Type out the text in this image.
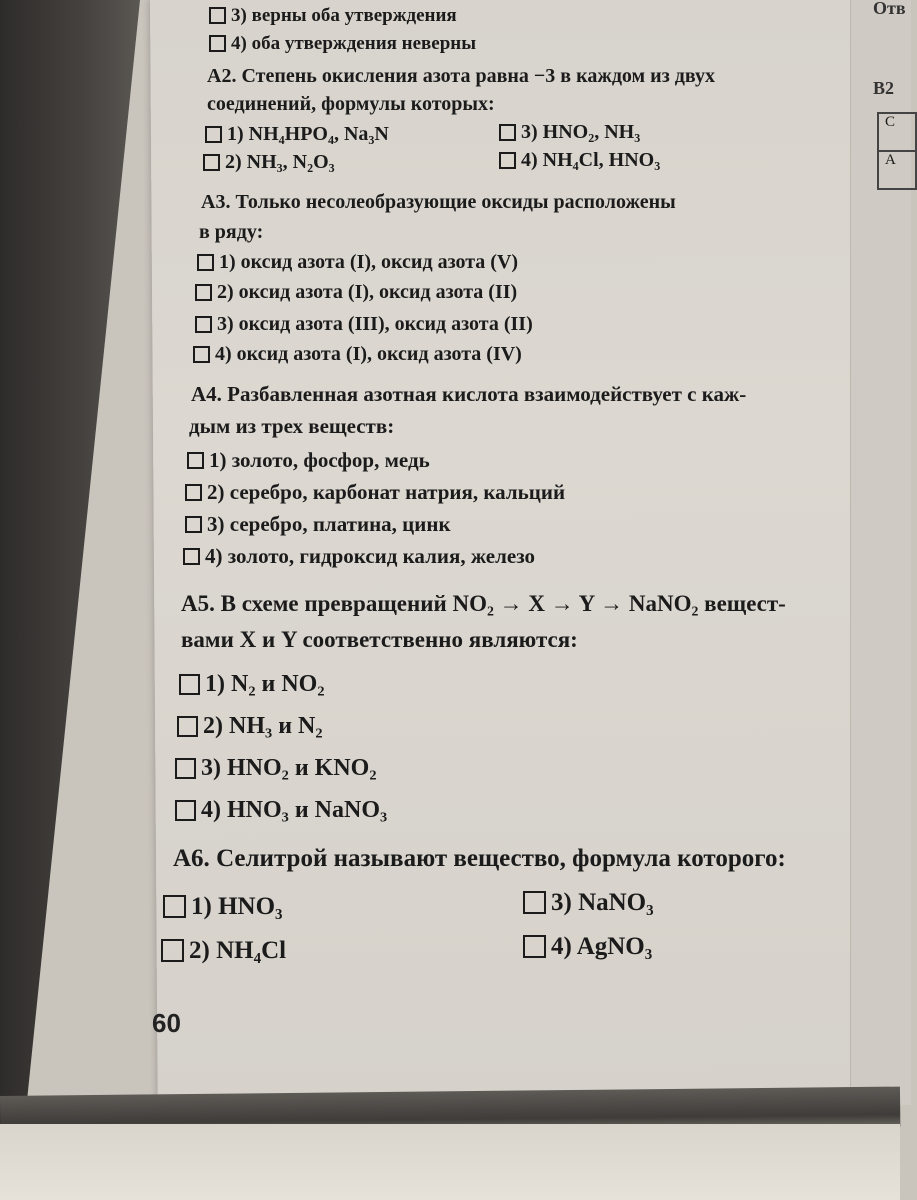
Отв
В2
С
А
3) верны оба утверждения
4) оба утверждения неверны
А2. Степень окисления азота равна −3 в каждом из двух
соединений, формулы которых:
1) NH₄HPO₄, Na₃N	3) HNO₂, NH₃
2) NH₃, N₂O₃	4) NH₄Cl, HNO₃
А3. Только несолеобразующие оксиды расположены
в ряду:
1) оксид азота (I), оксид азота (V)
2) оксид азота (I), оксид азота (II)
3) оксид азота (III), оксид азота (II)
4) оксид азота (I), оксид азота (IV)
А4. Разбавленная азотная кислота взаимодействует с каж-
дым из трех веществ:
1) золото, фосфор, медь
2) серебро, карбонат натрия, кальций
3) серебро, платина, цинк
4) золото, гидроксид калия, железо
А5. В схеме превращений NO₂ → X → Y → NaNO₂ вещест-
вами X и Y соответственно являются:
1) N₂ и NO₂
2) NH₃ и N₂
3) HNO₂ и KNO₂
4) HNO₃ и NaNO₃
А6. Селитрой называют вещество, формула которого:
1) HNO₃	3) NaNO₃
2) NH₄Cl	4) AgNO₃
60
